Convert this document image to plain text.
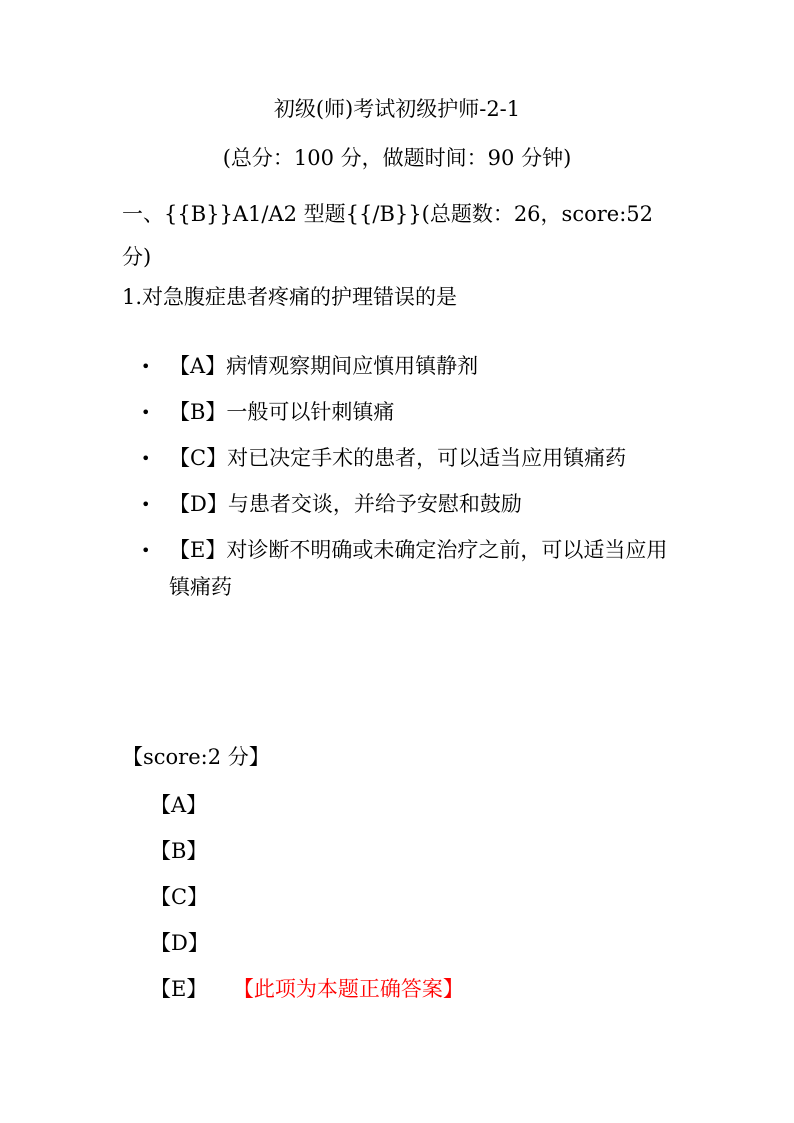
初级(师)考试初级护师-2-1
(总分：100 分，做题时间：90 分钟)
一、{{B}}A1/A2 型题{{/B}}(总题数：26，score:52 分)
1.对急腹症患者疼痛的护理错误的是
• 【A】病情观察期间应慎用镇静剂
• 【B】一般可以针刺镇痛
• 【C】对已决定手术的患者，可以适当应用镇痛药
• 【D】与患者交谈，并给予安慰和鼓励
• 【E】对诊断不明确或未确定治疗之前，可以适当应用镇痛药
【score:2 分】
【A】
【B】
【C】
【D】
【E】 【此项为本题正确答案】
